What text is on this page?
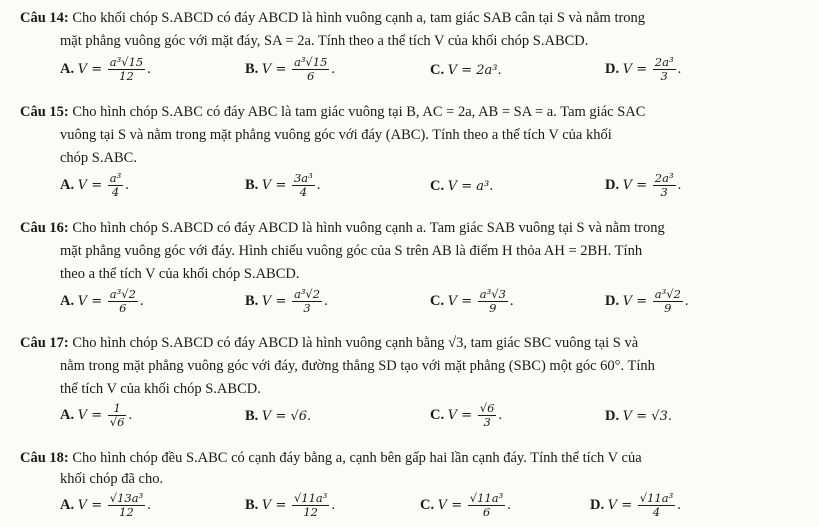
Câu 14: Cho khối chóp S.ABCD có đáy ABCD là hình vuông cạnh a, tam giác SAB cân tại S và nằm trong
mặt phẳng vuông góc với mặt đáy, SA = 2a. Tính theo a thể tích V của khối chóp S.ABCD.
A. $V = \frac{\text{a³√15}}{12}$ .	B. $V = \frac{\text{a³√15}}{6}$ .	C. V = 2a³.	D. $V = \frac{\text{2a³}}{3}$ .
Câu 15: Cho hình chóp S.ABC có đáy ABC là tam giác vuông tại B, AC = 2a, AB = SA = a. Tam giác SAC
vuông tại S và nằm trong mặt phẳng vuông góc với đáy (ABC). Tính theo a thể tích V của khối
chóp S.ABC.
A. $V = \frac{\text{a³}}{4}$ .	B. $V = \frac{\text{3a³}}{4}$ .	C. V = a³.	D. $V = \frac{\text{2a³}}{3}$ .
Câu 16: Cho hình chóp S.ABCD có đáy ABCD là hình vuông cạnh a. Tam giác SAB vuông tại S và nằm trong
mặt phẳng vuông góc với đáy. Hình chiếu vuông góc của S trên AB là điểm H thỏa AH = 2BH. Tính
theo a thể tích V của khối chóp S.ABCD.
A. $V = \frac{\text{a³√2}}{6}$ .	B. $V = \frac{\text{a³√2}}{3}$ .	C. $V = \frac{\text{a³√3}}{9}$ .	D. $V = \frac{\text{a³√2}}{9}$ .
Câu 17: Cho hình chóp S.ABCD có đáy ABCD là hình vuông cạnh bằng √3, tam giác SBC vuông tại S và
nằm trong mặt phẳng vuông góc với đáy, đường thẳng SD tạo với mặt phẳng (SBC) một góc 60°. Tính
thể tích V của khối chóp S.ABCD.
A. $V = \frac{1}{√6}$ .	B. V = √6.	C. $V = \frac{√6}{3}$ .	D. V = √3.
Câu 18: Cho hình chóp đều S.ABC có cạnh đáy bằng a, cạnh bên gấp hai lần cạnh đáy. Tính thể tích V của
khối chóp đã cho.
A. $V = \frac{\text{√13a³}}{12}$ .	B. $V = \frac{\text{√11a³}}{12}$ .	C. $V = \frac{\text{√11a³}}{6}$ .	D. $V = \frac{\text{√11a³}}{4}$ .
